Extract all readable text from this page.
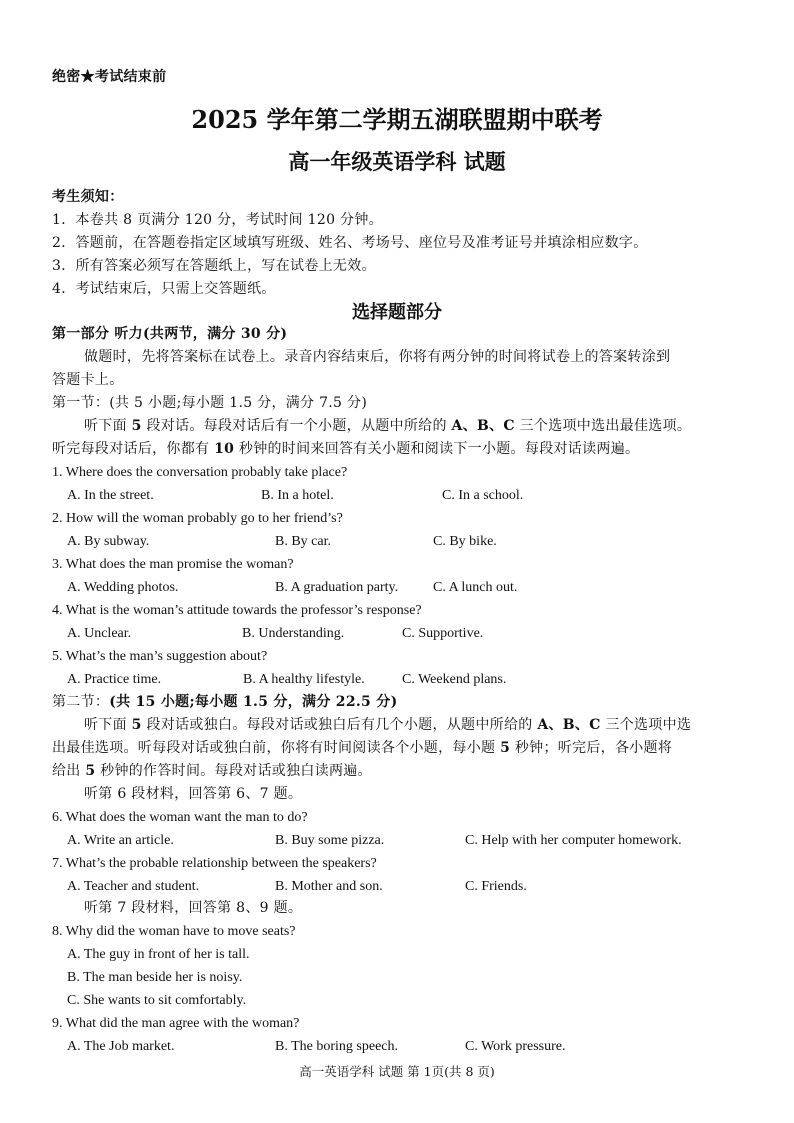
绝密★考试结束前
2025 学年第二学期五湖联盟期中联考
高一年级英语学科 试题
考生须知：
1．本卷共 8 页满分 120 分，考试时间 120 分钟。
2．答题前，在答题卷指定区域填写班级、姓名、考场号、座位号及准考证号并填涂相应数字。
3．所有答案必须写在答题纸上，写在试卷上无效。
4．考试结束后，只需上交答题纸。
选择题部分
第一部分 听力(共两节，满分 30 分)
做题时，先将答案标在试卷上。录音内容结束后，你将有两分钟的时间将试卷上的答案转涂到
答题卡上。
第一节：(共 5 小题;每小题 1.5 分，满分 7.5 分)
听下面 5 段对话。每段对话后有一个小题，从题中所给的 A、B、C 三个选项中选出最佳选项。
听完每段对话后，你都有 10 秒钟的时间来回答有关小题和阅读下一小题。每段对话读两遍。
1. Where does the conversation probably take place?
A. In the street.	B. In a hotel.	C. In a school.
2. How will the woman probably go to her friend’s?
A. By subway.	B. By car.	C. By bike.
3. What does the man promise the woman?
A. Wedding photos.	B. A graduation party. C. A lunch out.
4. What is the woman’s attitude towards the professor’s response?
A. Unclear.	B. Understanding.	C. Supportive.
5. What’s the man’s suggestion about?
A. Practice time.	B. A healthy lifestyle.	C. Weekend plans.
第二节：(共 15 小题;每小题 1.5 分，满分 22.5 分)
听下面 5 段对话或独白。每段对话或独白后有几个小题，从题中所给的 A、B、C 三个选项中选
出最佳选项。听每段对话或独白前，你将有时间阅读各个小题，每小题 5 秒钟；听完后，各小题将
给出 5 秒钟的作答时间。每段对话或独白读两遍。
听第 6 段材料，回答第 6、7 题。
6. What does the woman want the man to do?
A. Write an article.	B. Buy some pizza.	C. Help with her computer homework.
7. What’s the probable relationship between the speakers?
A. Teacher and student.	B. Mother and son.	C. Friends.
听第 7 段材料，回答第 8、9 题。
8. Why did the woman have to move seats?
A. The guy in front of her is tall.
B. The man beside her is noisy.
C. She wants to sit comfortably.
9. What did the man agree with the woman?
A. The Job market.	B. The boring speech.	C. Work pressure.
高一英语学科 试题 第 1页(共 8 页)
